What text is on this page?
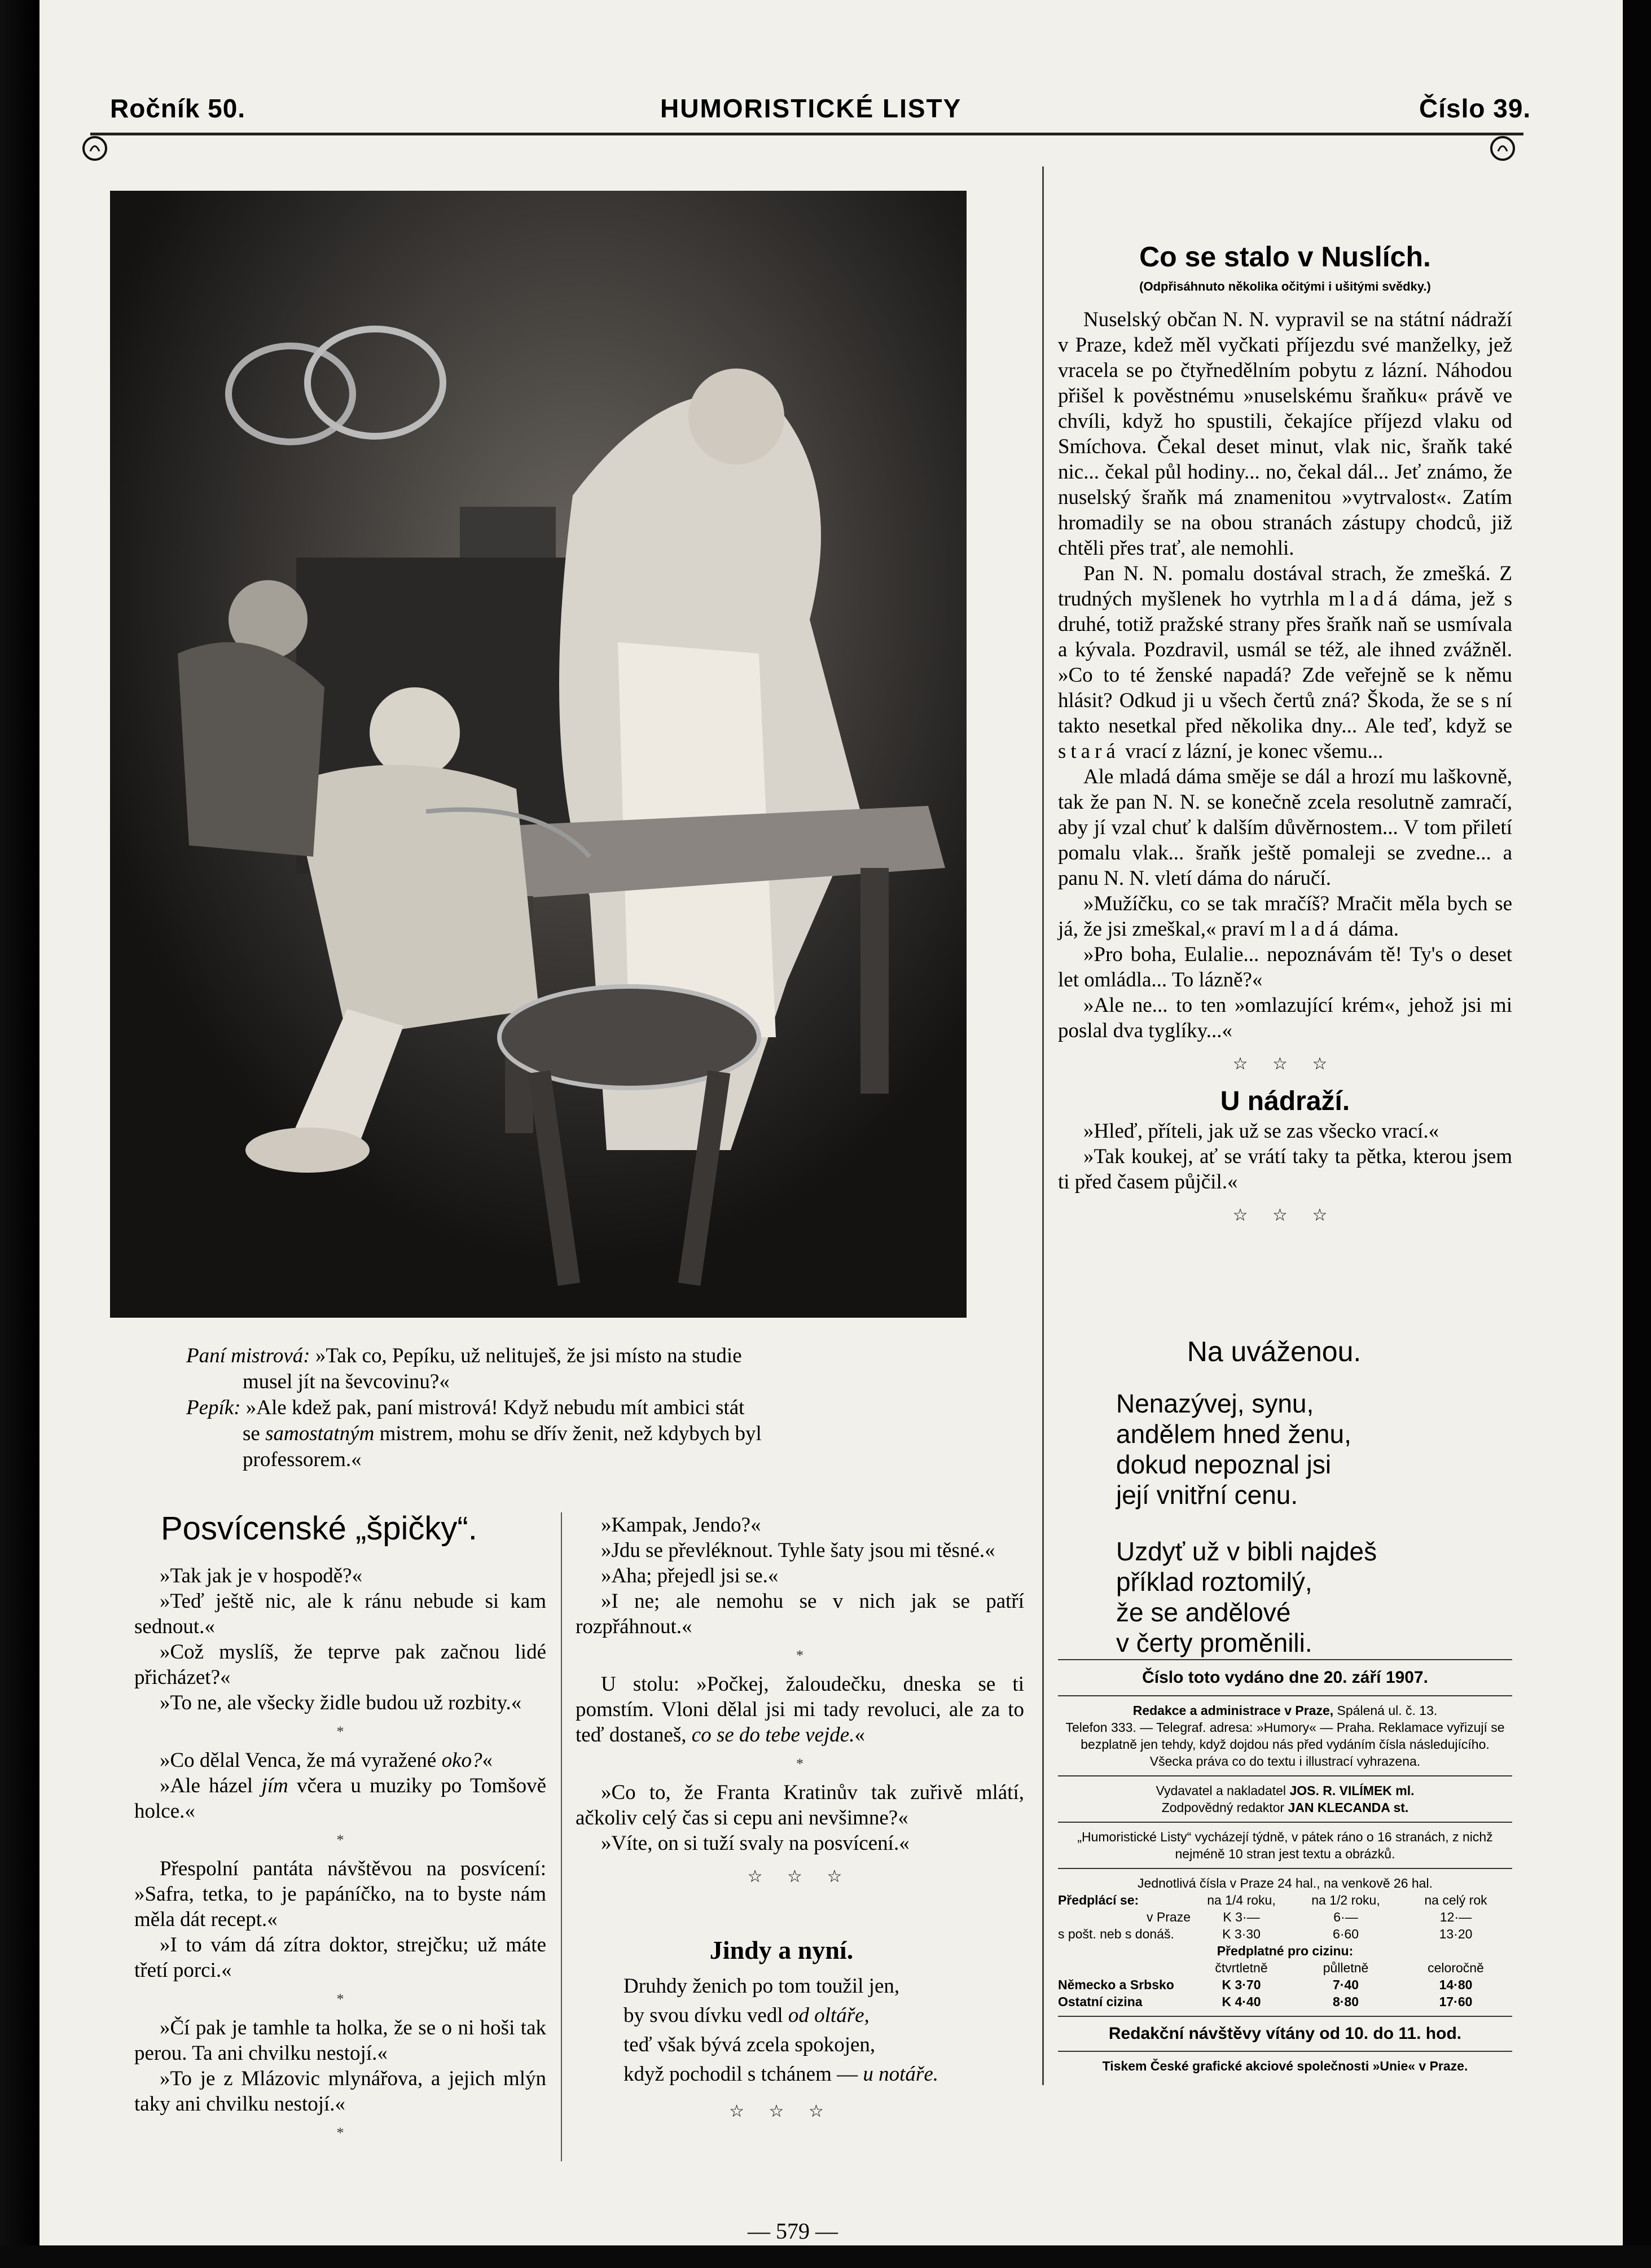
Ročník 50.	HUMORISTICKÉ LISTY	Číslo 39.
Paní mistrová: »Tak co, Pepíku, už nelituješ, že jsi místo na studie
musel jít na ševcovinu?«
Pepík: »Ale kdež pak, paní mistrová! Když nebudu mít ambici stát
se samostatným mistrem, mohu se dřív ženit, než kdybych byl
professorem.«
Posvícenské „špičky“.

»Tak jak je v hospodě?«

»Teď ještě nic, ale k ránu nebude si kam sednout.«

»Což myslíš, že teprve pak začnou lidé přicházet?«

»To ne, ale všecky židle budou už rozbity.«

*

»Co dělal Venca, že má vyražené oko?«

»Ale házel jím včera u muziky po Tomšově holce.«

*

Přespolní pantáta návštěvou na posvícení: »Safra, tetka, to je papáníčko, na to byste nám měla dát recept.«

»I to vám dá zítra doktor, strejčku; už máte třetí porci.«

*

»Čí pak je tamhle ta holka, že se o ni hoši tak perou. Ta ani chvilku nestojí.«

»To je z Mlázovic mlynářova, a jejich mlýn taky ani chvilku nestojí.«

*

»Kampak, Jendo?«

»Jdu se převléknout. Tyhle šaty jsou mi těsné.«

»Aha; přejedl jsi se.«

»I ne; ale nemohu se v nich jak se patří rozpřáhnout.«

*

U stolu: »Počkej, žaloudečku, dneska se ti pomstím. Vloni dělal jsi mi tady revoluci, ale za to teď dostaneš, co se do tebe vejde.«

*

»Co to, že Franta Kratinův tak zuřivě mlátí, ačkoliv celý čas si cepu ani nevšimne?«

»Víte, on si tuží svaly na posvícení.«

☆ ☆ ☆
Jindy a nyní.

Druhdy ženich po tom toužil jen,

by svou dívku vedl od oltáře,

teď však bývá zcela spokojen,

když pochodil s tchánem — u notáře.

☆ ☆ ☆
Co se stalo v Nuslích.
(Odpřisáhnuto několika očitými i ušitými svědky.)

Nuselský občan N. N. vypravil se na státní nádraží v Praze, kdež měl vyčkati příjezdu své manželky, jež vracela se po čtyřnedělním pobytu z lázní. Náhodou přišel k pověstnému »nuselskému šraňku« právě ve chvíli, když ho spustili, čekajíce příjezd vlaku od Smíchova. Čekal deset minut, vlak nic, šraňk také nic... čekal půl hodiny... no, čekal dál... Jeť známo, že nuselský šraňk má znamenitou »vytrvalost«. Zatím hromadily se na obou stranách zástupy chodců, již chtěli přes trať, ale nemohli.

Pan N. N. pomalu dostával strach, že zmešká. Z trudných myšlenek ho vytrhla mladá dáma, jež s druhé, totiž pražské strany přes šraňk naň se usmívala a kývala. Pozdravil, usmál se též, ale ihned zvážněl. »Co to té ženské napadá? Zde veřejně se k němu hlásit? Odkud ji u všech čertů zná? Škoda, že se s ní takto nesetkal před několika dny... Ale teď, když se stará vrací z lázní, je konec všemu...

Ale mladá dáma směje se dál a hrozí mu laškovně, tak že pan N. N. se konečně zcela resolutně zamračí, aby jí vzal chuť k dalším důvěrnostem... V tom přiletí pomalu vlak... šraňk ještě pomaleji se zvedne... a panu N. N. vletí dáma do náručí.

»Mužíčku, co se tak mračíš? Mračit měla bych se já, že jsi zmeškal,« praví mladá dáma.

»Pro boha, Eulalie... nepoznávám tě! Ty's o deset let omládla... To lázně?«

»Ale ne... to ten »omlazující krém«, jehož jsi mi poslal dva tyglíky...«

☆ ☆ ☆
U nádraží.

»Hleď, příteli, jak už se zas všecko vrací.«

»Tak koukej, ať se vrátí taky ta pětka, kterou jsem ti před časem půjčil.«

☆ ☆ ☆
Na uváženou.

Nenazývej, synu,

andělem hned ženu,

dokud nepoznal jsi

její vnitřní cenu.

Uzdyť už v bibli najdeš

příklad roztomilý,

že se andělové

v čerty proměnili.

Číslo toto vydáno dne 20. září 1907.
Redakce a administrace v Praze, Spálená ul. č. 13.
Telefon 333. — Telegraf. adresa: »Humory« — Praha. Reklamace vyřizují se bezplatně jen tehdy, když dojdou nás před vydáním čísla následujícího.
Všecka práva co do textu i illustrací vyhrazena.
Vydavatel a nakladatel JOS. R. VILÍMEK ml.
Zodpovědný redaktor JAN KLECANDA st.
„Humoristické Listy“ vycházejí týdně, v pátek ráno o 16 stranách, z nichž nejméně 10 stran jest textu a obrázků.
Jednotlivá čísla v Praze 24 hal., na venkově 26 hal.
Předplácí se:	na 1/4 roku,	na 1/2 roku,	na celý rok
v Praze	K 3·—	6·—	12·—
s pošt. neb s donáš.	K 3·30	6·60	13·20
Předplatné pro cizinu:
čtvrtletně	půlletně	celoročně
Německo a Srbsko	K 3·70	7·40	14·80
Ostatní cizina	K 4·40	8·80	17·60
Redakční návštěvy vítány od 10. do 11. hod.
Tiskem České grafické akciové společnosti »Unie« v Praze.
— 579 —
